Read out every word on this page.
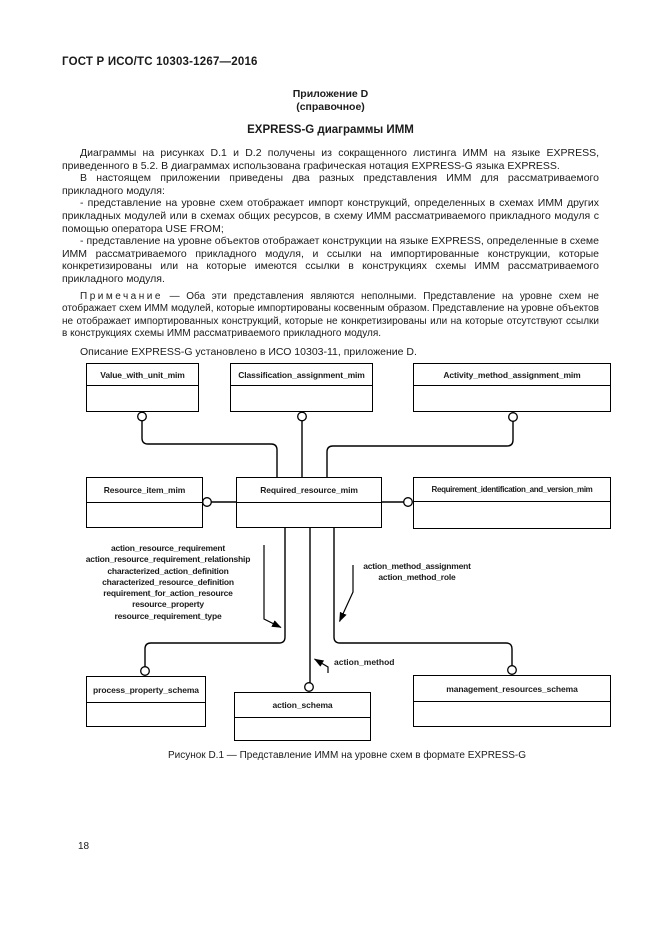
ГОСТ Р ИСО/ТС 10303-1267—2016
Приложение D
(справочное)
EXPRESS-G диаграммы ИММ

Диаграммы на рисунках D.1 и D.2 получены из сокращенного листинга ИММ на языке EXPRESS, приведенного в 5.2. В диаграммах использована графическая нотация EXPRESS-G языка EXPRESS.

В настоящем приложении приведены два разных представления ИММ для рассматриваемого прикладного модуля:

- представление на уровне схем отображает импорт конструкций, определенных в схемах ИММ других прикладных модулей или в схемах общих ресурсов, в схему ИММ рассматриваемого прикладного модуля с помощью оператора USE FROM;

- представление на уровне объектов отображает конструкции на языке EXPRESS, определенные в схеме ИММ рассматриваемого прикладного модуля, и ссылки на импортированные конструкции, которые конкретизированы или на которые имеются ссылки в конструкциях схемы ИММ рассматриваемого прикладного модуля.

Примечание — Оба эти представления являются неполными. Представление на уровне схем не отображает схем ИММ модулей, которые импортированы косвенным образом. Представление на уровне объектов не отображает импортированных конструкций, которые не конкретизированы или на которые отсутствуют ссылки в конструкциях схемы ИММ рассматриваемого прикладного модуля.

Описание EXPRESS-G установлено в ИСО 10303-11, приложение D.

Value_with_unit_mim	Classification_assignment_mim	Activity_method_assignment_mim
Resource_item_mim	Required_resource_mim	Requirement_identification_and_version_mim
process_property_schema
action_schema
management_resources_schema
action_resource_requirement
action_resource_requirement_relationship
characterized_action_definition
characterized_resource_definition
requirement_for_action_resource
resource_property
resource_requirement_type
action_method_assignment
action_method_role
action_method
Рисунок D.1 — Представление ИММ на уровне схем в формате EXPRESS-G
18
